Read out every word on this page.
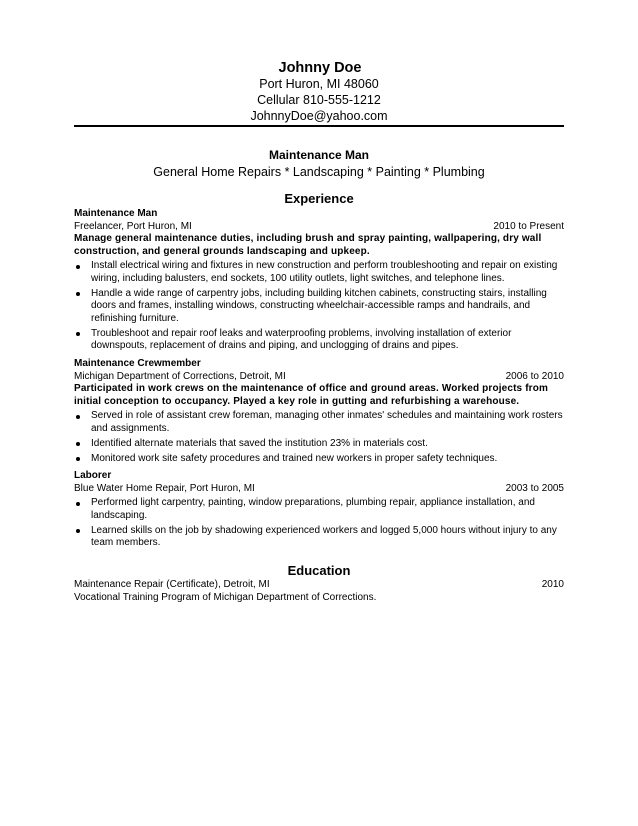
Johnny Doe
Port Huron, MI 48060
Cellular 810-555-1212
JohnnyDoe@yahoo.com
Maintenance Man
General Home Repairs * Landscaping * Painting * Plumbing
Experience
Maintenance Man
Freelancer, Port Huron, MI	2010 to Present
Manage general maintenance duties, including brush and spray painting, wallpapering, dry wall construction, and general grounds landscaping and upkeep.
Install electrical wiring and fixtures in new construction and perform troubleshooting and repair on existing wiring, including balusters, end sockets, 100 utility outlets, light switches, and telephone lines.
Handle a wide range of carpentry jobs, including building kitchen cabinets, constructing stairs, installing doors and frames, installing windows, constructing wheelchair-accessible ramps and handrails, and refinishing furniture.
Troubleshoot and repair roof leaks and waterproofing problems, involving installation of exterior downspouts, replacement of drains and piping, and unclogging of drains and pipes.
Maintenance Crewmember
Michigan Department of Corrections, Detroit, MI	2006 to 2010
Participated in work crews on the maintenance of office and ground areas. Worked projects from initial conception to occupancy. Played a key role in gutting and refurbishing a warehouse.
Served in role of assistant crew foreman, managing other inmates' schedules and maintaining work rosters and assignments.
Identified alternate materials that saved the institution 23% in materials cost.
Monitored work site safety procedures and trained new workers in proper safety techniques.
Laborer
Blue Water Home Repair, Port Huron, MI	2003 to 2005
Performed light carpentry, painting, window preparations, plumbing repair, appliance installation, and landscaping.
Learned skills on the job by shadowing experienced workers and logged 5,000 hours without injury to any team members.
Education
Maintenance Repair (Certificate), Detroit, MI	2010
Vocational Training Program of Michigan Department of Corrections.
